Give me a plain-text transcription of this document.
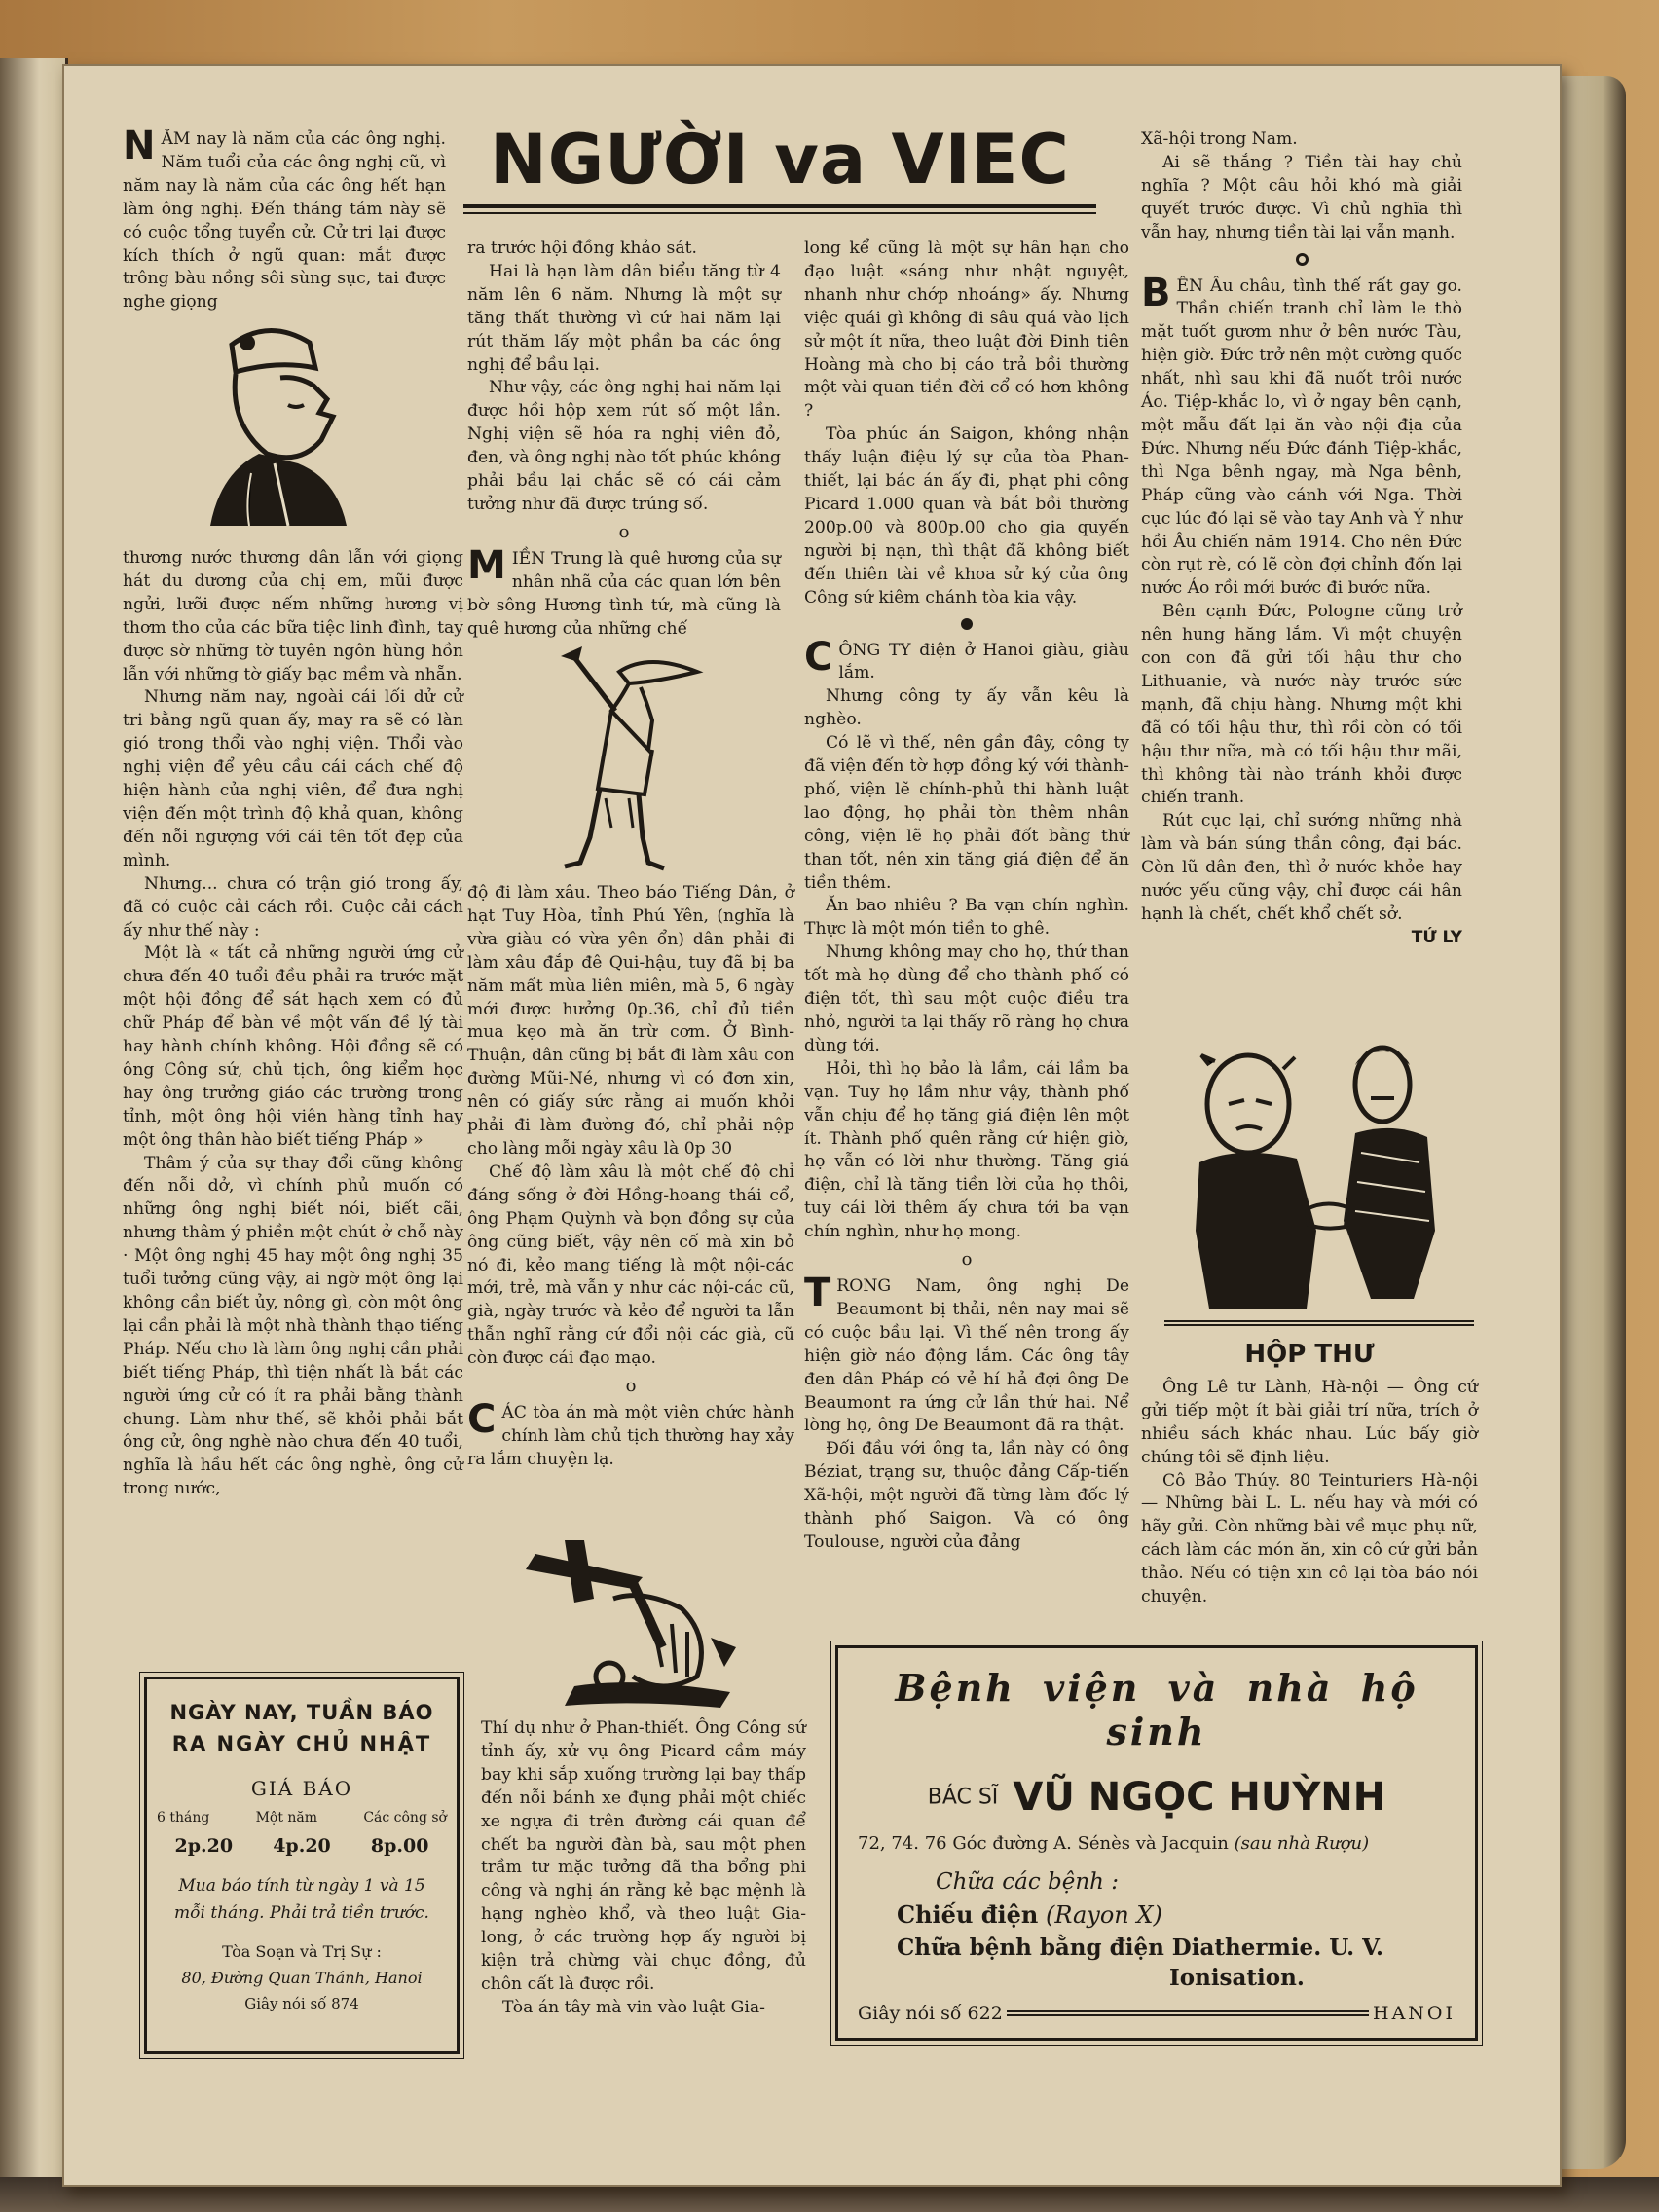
NGƯỜI va VIEC

NĂM nay là năm của các ông nghị. Năm tuổi của các ông nghị cũ, vì năm nay là năm của các ông hết hạn làm ông nghị. Đến tháng tám này sẽ có cuộc tổng tuyển cử. Cử tri lại được kích thích ở ngũ quan: mắt được trông bàu nồng sôi sùng sục, tai được nghe giọng

thương nước thương dân lẫn với giọng hát du dương của chị em, mũi được ngửi, lưỡi được nếm những hương vị thơm tho của các bữa tiệc linh đình, tay được sờ những tờ tuyên ngôn hùng hồn lẫn với những tờ giấy bạc mềm và nhẵn.

Nhưng năm nay, ngoài cái lối dử cử tri bằng ngũ quan ấy, may ra sẽ có làn gió trong thổi vào nghị viện. Thổi vào nghị viện để yêu cầu cái cách chế độ hiện hành của nghị viên, để đưa nghị viện đến một trình độ khả quan, không đến nỗi ngượng với cái tên tốt đẹp của mình.

Nhưng... chưa có trận gió trong ấy, đã có cuộc cải cách rồi. Cuộc cải cách ấy như thế này :

Một là « tất cả những người ứng cử chưa đến 40 tuổi đều phải ra trước mặt một hội đồng để sát hạch xem có đủ chữ Pháp để bàn về một vấn đề lý tài hay hành chính không. Hội đồng sẽ có ông Công sứ, chủ tịch, ông kiểm học hay ông trưởng giáo các trường trong tỉnh, một ông hội viên hàng tỉnh hay một ông thân hào biết tiếng Pháp »

Thâm ý của sự thay đổi cũng không đến nỗi dở, vì chính phủ muốn có những ông nghị biết nói, biết cãi, nhưng thâm ý phiền một chút ở chỗ này · Một ông nghị 45 hay một ông nghị 35 tuổi tưởng cũng vậy, ai ngờ một ông lại không cần biết ủy, nông gì, còn một ông lại cần phải là một nhà thành thạo tiếng Pháp. Nếu cho là làm ông nghị cần phải biết tiếng Pháp, thì tiện nhất là bắt các người ứng cử có ít ra phải bằng thành chung. Làm như thế, sẽ khỏi phải bắt ông cử, ông nghè nào chưa đến 40 tuổi, nghĩa là hầu hết các ông nghè, ông cử trong nước,

NGÀY NAY, TUẦN BÁO
RA NGÀY CHỦ NHẬT
GIÁ BÁO
6 tháng	Một năm	Các công sở
2p.20 4p.20 8p.00
Mua báo tính từ ngày 1 và 15 mỗi tháng. Phải trả tiền trước.
Tòa Soạn và Trị Sự :
80, Đường Quan Thánh, Hanoi
Giây nói số 874

ra trước hội đồng khảo sát.

Hai là hạn làm dân biểu tăng từ 4 năm lên 6 năm. Nhưng là một sự tăng thất thường vì cứ hai năm lại rút thăm lấy một phần ba các ông nghị để bầu lại.

Như vậy, các ông nghị hai năm lại được hồi hộp xem rút số một lần. Nghị viện sẽ hóa ra nghị viên đỏ, đen, và ông nghị nào tốt phúc không phải bầu lại chắc sẽ có cái cảm tưởng như đã được trúng số.

o

MIỀN Trung là quê hương của sự nhân nhã của các quan lớn bên bờ sông Hương tình tứ, mà cũng là quê hương của những chế

độ đi làm xâu. Theo báo Tiếng Dân, ở hạt Tuy Hòa, tỉnh Phú Yên, (nghĩa là vừa giàu có vừa yên ổn) dân phải đi làm xâu đắp đê Qui-hậu, tuy đã bị ba năm mất mùa liên miên, mà 5, 6 ngày mới được hưởng 0p.36, chỉ đủ tiền mua kẹo mà ăn trừ cơm. Ở Bình-Thuận, dân cũng bị bắt đi làm xâu con đường Mũi-Né, nhưng vì có đơn xin, nên có giấy sức rằng ai muốn khỏi phải đi làm đường đó, chỉ phải nộp cho làng mỗi ngày xâu là 0p 30

Chế độ làm xâu là một chế độ chỉ đáng sống ở đời Hồng-hoang thái cổ, ông Phạm Quỳnh và bọn đồng sự của ông cũng biết, vậy nên cố mà xin bỏ nó đi, kẻo mang tiếng là một nội-các mới, trẻ, mà vẫn y như các nội-các cũ, già, ngày trước và kẻo để người ta lẫn thẫn nghĩ rằng cứ đổi nội các già, cũ còn được cái đạo mạo.

o

CÁC tòa án mà một viên chức hành chính làm chủ tịch thường hay xảy ra lắm chuyện lạ.

Thí dụ như ở Phan-thiết. Ông Công sứ tỉnh ấy, xử vụ ông Picard cầm máy bay khi sắp xuống trường lại bay thấp đến nỗi bánh xe đụng phải một chiếc xe ngựa đi trên đường cái quan để chết ba người đàn bà, sau một phen trầm tư mặc tưởng đã tha bổng phi công và nghị án rằng kẻ bạc mệnh là hạng nghèo khổ, và theo luật Gia-long, ở các trường hợp ấy người bị kiện trả chừng vài chục đồng, đủ chôn cất là được rồi.

Tòa án tây mà vin vào luật Gia-

long kể cũng là một sự hân hạn cho đạo luật «sáng như nhật nguyệt, nhanh như chớp nhoáng» ấy. Nhưng việc quái gì không đi sâu quá vào lịch sử một ít nữa, theo luật đời Đinh tiên Hoàng mà cho bị cáo trả bồi thường một vài quan tiền đời cổ có hơn không ?

Tòa phúc án Saigon, không nhận thấy luận điệu lý sự của tòa Phan-thiết, lại bác án ấy đi, phạt phi công Picard 1.000 quan và bắt bồi thường 200p.00 và 800p.00 cho gia quyến người bị nạn, thì thật đã không biết đến thiên tài về khoa sử ký của ông Công sứ kiêm chánh tòa kia vậy.

CÔNG TY điện ở Hanoi giàu, giàu lắm.

Nhưng công ty ấy vẫn kêu là nghèo.

Có lẽ vì thế, nên gần đây, công ty đã viện đến tờ hợp đồng ký với thành-phố, viện lẽ chính-phủ thi hành luật lao động, họ phải tòn thêm nhân công, viện lẽ họ phải đốt bằng thứ than tốt, nên xin tăng giá điện để ăn tiền thêm.

Ăn bao nhiêu ? Ba vạn chín nghìn. Thực là một món tiền to ghê.

Nhưng không may cho họ, thứ than tốt mà họ dùng để cho thành phố có điện tốt, thì sau một cuộc điều tra nhỏ, người ta lại thấy rõ ràng họ chưa dùng tới.

Hỏi, thì họ bảo là lầm, cái lầm ba vạn. Tuy họ lầm như vậy, thành phố vẫn chịu để họ tăng giá điện lên một ít. Thành phố quên rằng cứ hiện giờ, họ vẫn có lời như thường. Tăng giá điện, chỉ là tăng tiền lời của họ thôi, tuy cái lời thêm ấy chưa tới ba vạn chín nghìn, như họ mong.

o

TRONG Nam, ông nghị De Beaumont bị thải, nên nay mai sẽ có cuộc bầu lại. Vì thế nên trong ấy hiện giờ náo động lắm. Các ông tây đen dân Pháp có vẻ hí hả đợi ông De Beaumont ra ứng cử lần thứ hai. Nể lòng họ, ông De Beaumont đã ra thật.

Đối đầu với ông ta, lần này có ông Béziat, trạng sư, thuộc đảng Cấp-tiến Xã-hội, một người đã từng làm đốc lý thành phố Saigon. Và có ông Toulouse, người của đảng

Xã-hội trong Nam.

Ai sẽ thắng ? Tiền tài hay chủ nghĩa ? Một câu hỏi khó mà giải quyết trước được. Vì chủ nghĩa thì vẫn hay, nhưng tiền tài lại vẫn mạnh.

BÊN Âu châu, tình thế rất gay go. Thần chiến tranh chỉ làm le thò mặt tuốt gươm như ở bên nước Tàu, hiện giờ. Đức trở nên một cường quốc nhất, nhì sau khi đã nuốt trôi nước Áo. Tiệp-khắc lo, vì ở ngay bên cạnh, một mẫu đất lại ăn vào nội địa của Đức. Nhưng nếu Đức đánh Tiệp-khắc, thì Nga bênh ngay, mà Nga bênh, Pháp cũng vào cánh với Nga. Thời cục lúc đó lại sẽ vào tay Anh và Ý như hồi Âu chiến năm 1914. Cho nên Đức còn rụt rè, có lẽ còn đợi chỉnh đốn lại nước Áo rồi mới bước đi bước nữa.

Bên cạnh Đức, Pologne cũng trở nên hung hăng lắm. Vì một chuyện con con đã gửi tối hậu thư cho Lithuanie, và nước này trước sức mạnh, đã chịu hàng. Nhưng một khi đã có tối hậu thư, thì rồi còn có tối hậu thư nữa, mà có tối hậu thư mãi, thì không tài nào tránh khỏi được chiến tranh.

Rút cục lại, chỉ sướng những nhà làm và bán súng thần công, đại bác. Còn lũ dân đen, thì ở nước khỏe hay nước yếu cũng vậy, chỉ được cái hân hạnh là chết, chết khổ chết sở.

TỨ LY
HỘP THƯ

Ông Lê tư Lành, Hà-nội — Ông cứ gửi tiếp một ít bài giải trí nữa, trích ở nhiều sách khác nhau. Lúc bấy giờ chúng tôi sẽ định liệu.

Cô Bảo Thúy. 80 Teinturiers Hà-nội — Những bài L. L. nếu hay và mới có hãy gửi. Còn những bài về mục phụ nữ, cách làm các món ăn, xin cô cứ gửi bản thảo. Nếu có tiện xin cô lại tòa báo nói chuyện.

Bệnh viện và nhà hộ sinh
BÁC SĨ VŨ NGỌC HUỲNH
72, 74. 76 Góc đường A. Sénès và Jacquin (sau nhà Rượu)
Chữa các bệnh :
Chiếu điện (Rayon X)
Chữa bệnh bằng điện Diathermie. U. V.
Ionisation.
Giây nói số 622	HANOI
